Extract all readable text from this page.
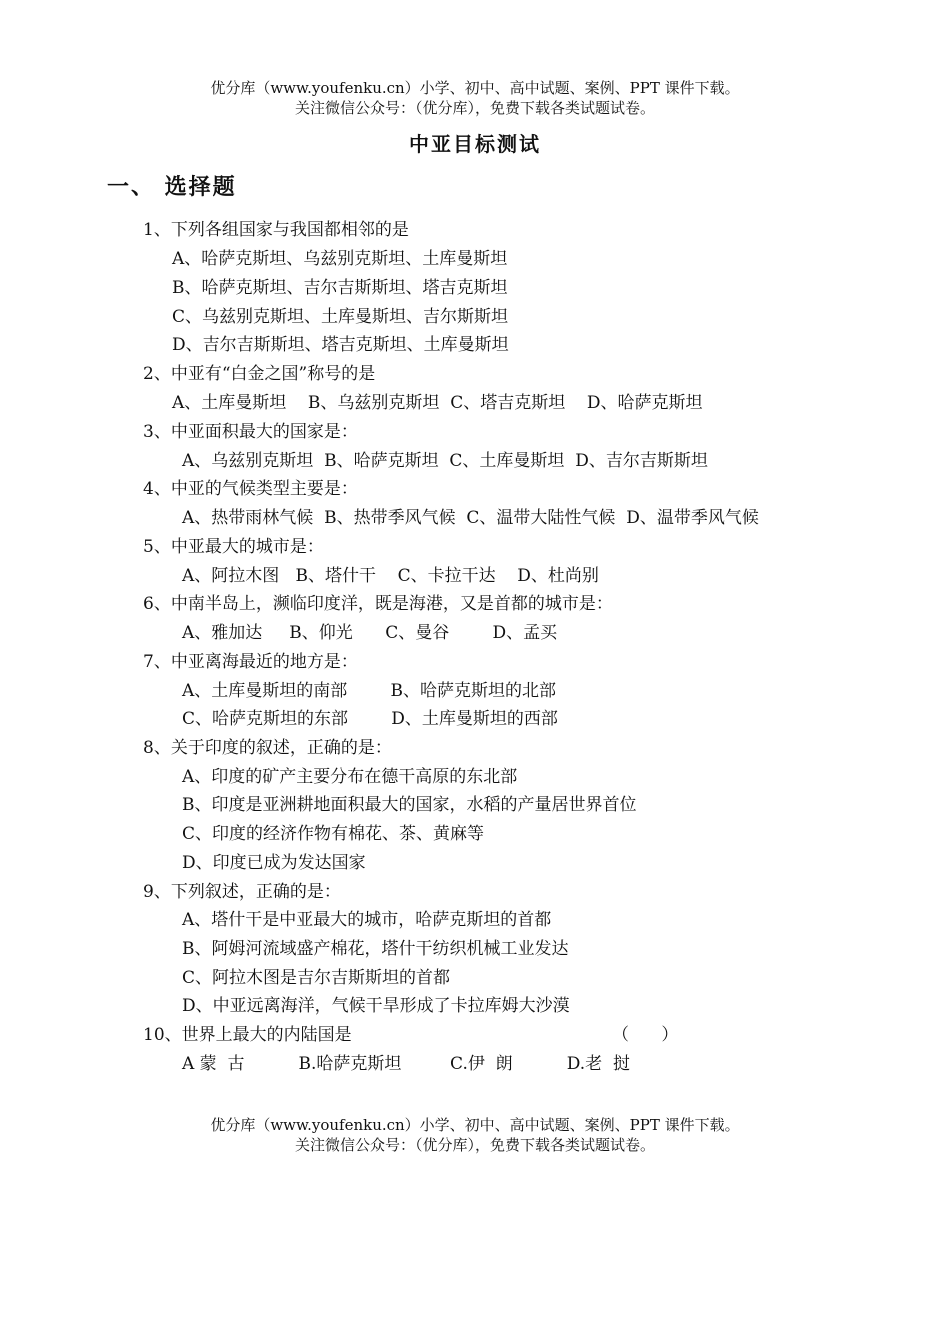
优分库（www.youfenku.cn）小学、初中、高中试题、案例、PPT 课件下载。
关注微信公众号：（优分库），免费下载各类试题试卷。
中亚目标测试
一、 选择题
1、下列各组国家与我国都相邻的是
A、哈萨克斯坦、乌兹别克斯坦、土库曼斯坦
B、哈萨克斯坦、吉尔吉斯斯坦、塔吉克斯坦
C、乌兹别克斯坦、土库曼斯坦、吉尔斯斯坦
D、吉尔吉斯斯坦、塔吉克斯坦、土库曼斯坦
2、中亚有“白金之国”称号的是
A、土库曼斯坦    B、乌兹别克斯坦  C、塔吉克斯坦    D、哈萨克斯坦
3、中亚面积最大的国家是：
A、乌兹别克斯坦  B、哈萨克斯坦  C、土库曼斯坦  D、吉尔吉斯斯坦
4、中亚的气候类型主要是：
A、热带雨林气候  B、热带季风气候  C、温带大陆性气候  D、温带季风气候
5、中亚最大的城市是：
A、阿拉木图   B、塔什干    C、卡拉干达    D、杜尚别
6、中南半岛上，濒临印度洋，既是海港，又是首都的城市是：
A、雅加达     B、仰光      C、曼谷        D、孟买
7、中亚离海最近的地方是：
A、土库曼斯坦的南部        B、哈萨克斯坦的北部
C、哈萨克斯坦的东部        D、土库曼斯坦的西部
8、关于印度的叙述，正确的是：
A、印度的矿产主要分布在德干高原的东北部
B、印度是亚洲耕地面积最大的国家，水稻的产量居世界首位
C、印度的经济作物有棉花、茶、黄麻等
D、印度已成为发达国家
9、下列叙述，正确的是：
A、塔什干是中亚最大的城市，哈萨克斯坦的首都
B、阿姆河流域盛产棉花，塔什干纺织机械工业发达
C、阿拉木图是吉尔吉斯斯坦的首都
D、中亚远离海洋，气候干旱形成了卡拉库姆大沙漠
10、世界上最大的内陆国是	（      ）
A 蒙  古          B.哈萨克斯坦         C.伊  朗          D.老  挝
优分库（www.youfenku.cn）小学、初中、高中试题、案例、PPT 课件下载。
关注微信公众号：（优分库），免费下载各类试题试卷。
